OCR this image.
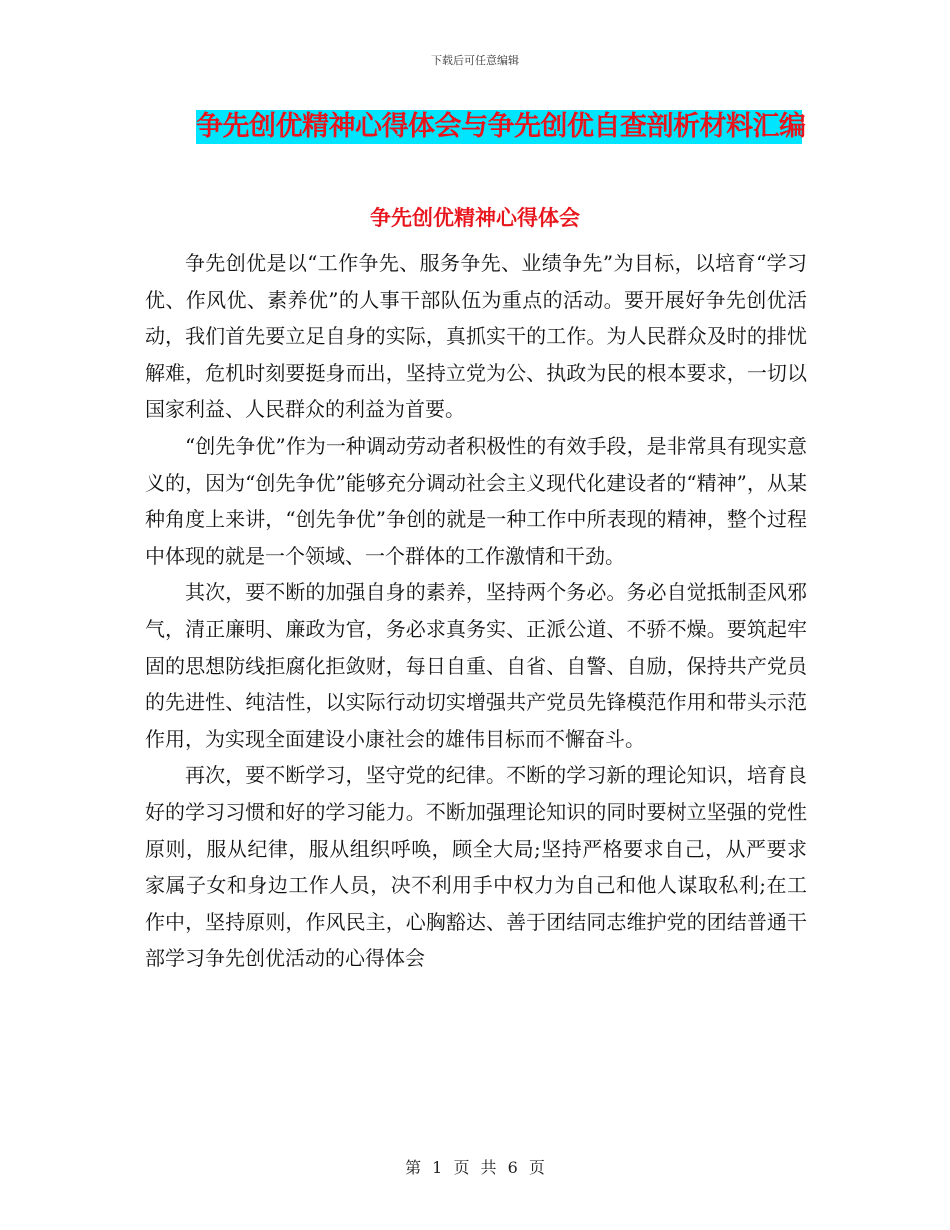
下载后可任意编辑
争先创优精神心得体会与争先创优自查剖析材料汇编
争先创优精神心得体会

争先创优是以“工作争先、服务争先、业绩争先”为目标，以培育“学习优、作风优、素养优”的人事干部队伍为重点的活动。要开展好争先创优活动，我们首先要立足自身的实际，真抓实干的工作。为人民群众及时的排忧解难，危机时刻要挺身而出，坚持立党为公、执政为民的根本要求，一切以国家利益、人民群众的利益为首要。

“创先争优”作为一种调动劳动者积极性的有效手段，是非常具有现实意义的，因为“创先争优”能够充分调动社会主义现代化建设者的“精神”，从某种角度上来讲，“创先争优”争创的就是一种工作中所表现的精神，整个过程中体现的就是一个领域、一个群体的工作激情和干劲。

其次，要不断的加强自身的素养，坚持两个务必。务必自觉抵制歪风邪气，清正廉明、廉政为官，务必求真务实、正派公道、不骄不燥。要筑起牢固的思想防线拒腐化拒敛财，每日自重、自省、自警、自励，保持共产党员的先进性、纯洁性，以实际行动切实增强共产党员先锋模范作用和带头示范作用，为实现全面建设小康社会的雄伟目标而不懈奋斗。

再次，要不断学习，坚守党的纪律。不断的学习新的理论知识，培育良好的学习习惯和好的学习能力。不断加强理论知识的同时要树立坚强的党性原则，服从纪律，服从组织呼唤，顾全大局;坚持严格要求自己，从严要求家属子女和身边工作人员，决不利用手中权力为自己和他人谋取私利;在工作中，坚持原则，作风民主，心胸豁达、善于团结同志维护党的团结普通干部学习争先创优活动的心得体会

第 1 页 共 6 页
